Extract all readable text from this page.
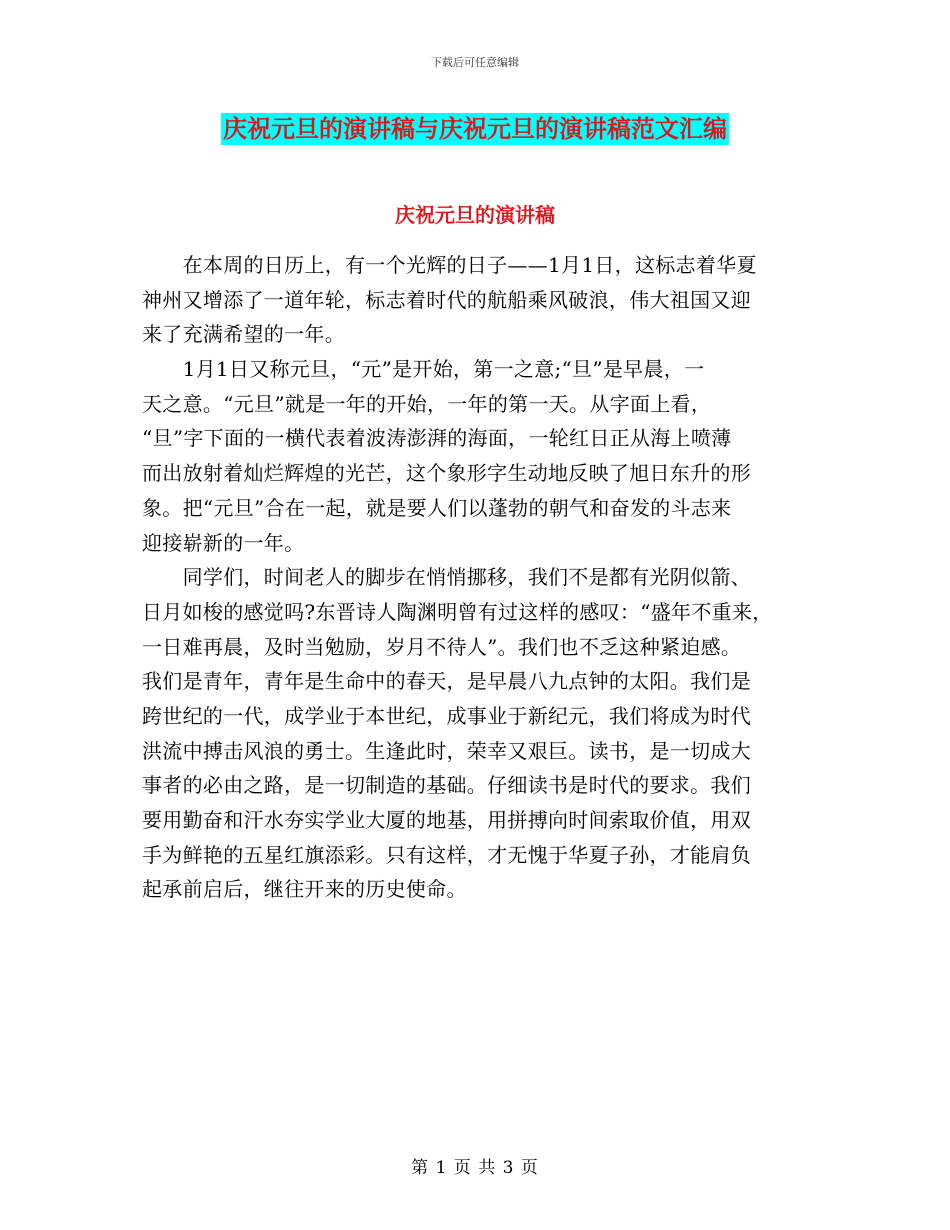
下载后可任意编辑
庆祝元旦的演讲稿与庆祝元旦的演讲稿范文汇编
庆祝元旦的演讲稿
　　在本周的日历上，有一个光辉的日子——1月1日，这标志着华夏
神州又增添了一道年轮，标志着时代的航船乘风破浪，伟大祖国又迎
来了充满希望的一年。
　　1月1日又称元旦，“元”是开始，第一之意;“旦”是早晨，一
天之意。“元旦”就是一年的开始，一年的第一天。从字面上看，
“旦”字下面的一横代表着波涛澎湃的海面，一轮红日正从海上喷薄
而出放射着灿烂辉煌的光芒，这个象形字生动地反映了旭日东升的形
象。把“元旦”合在一起，就是要人们以蓬勃的朝气和奋发的斗志来
迎接崭新的一年。
　　同学们，时间老人的脚步在悄悄挪移，我们不是都有光阴似箭、
日月如梭的感觉吗?东晋诗人陶渊明曾有过这样的感叹：“盛年不重来，
一日难再晨，及时当勉励，岁月不待人”。我们也不乏这种紧迫感。
我们是青年，青年是生命中的春天，是早晨八九点钟的太阳。我们是
跨世纪的一代，成学业于本世纪，成事业于新纪元，我们将成为时代
洪流中搏击风浪的勇士。生逢此时，荣幸又艰巨。读书，是一切成大
事者的必由之路，是一切制造的基础。仔细读书是时代的要求。我们
要用勤奋和汗水夯实学业大厦的地基，用拼搏向时间索取价值，用双
手为鲜艳的五星红旗添彩。只有这样，才无愧于华夏子孙，才能肩负
起承前启后，继往开来的历史使命。
第 1 页 共 3 页
